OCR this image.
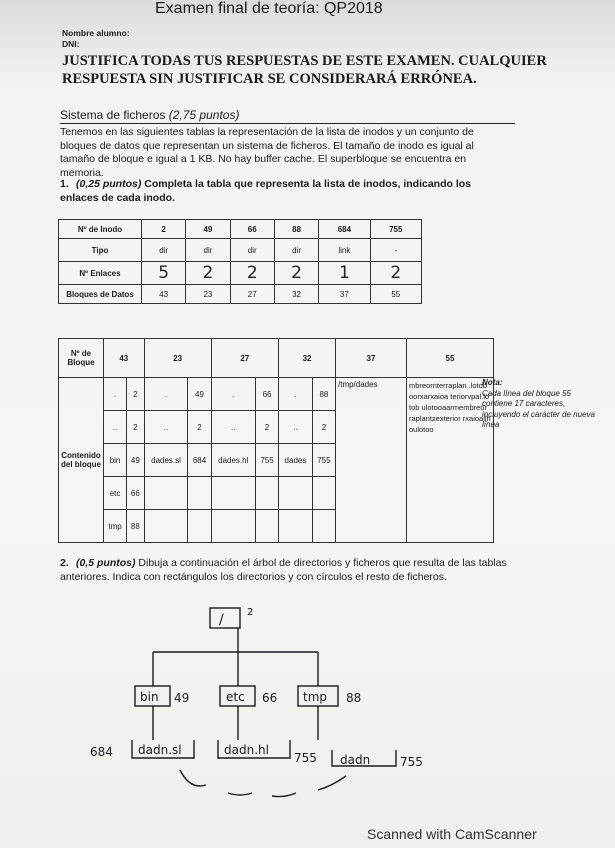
Examen final de teoría: QP2018
Nombre alumno:
DNI:
JUSTIFICA TODAS TUS RESPUESTAS DE ESTE EXAMEN. CUALQUIER RESPUESTA SIN JUSTIFICAR SE CONSIDERARÁ ERRÓNEA.
Sistema de ficheros (2,75 puntos)
Tenemos en las siguientes tablas la representación de la lista de inodos y un conjunto de bloques de datos que representan un sistema de ficheros. El tamaño de inodo es igual al tamaño de bloque e igual a 1 KB. No hay buffer cache. El superbloque se encuentra en memoria.
1. (0,25 puntos) Completa la tabla que representa la lista de inodos, indicando los enlaces de cada inodo.
Nº de Inodo	2	49	66	88	684	755
Tipo	dir	dir	dir	dir	link	-
Nº Enlaces	5	2	2	2	1	2
Bloques de Datos	43	23	27	32	37	55
Nº de Bloque	43		23		27		32		37	55
Contenido del bloque	.	2	.	49	.	66	.	88	/tmp/dades	mbreornterraplan .lotoboorxarxaioa teriorvpal.lotob ulotooaarmembreor raplantzexterior rxaioailhoulotoo
	..	2	..	2	..	2	..	2		
	bin	49	dades.sl	684	dades.hl	755	dades	755		
	etc	66								
	tmp	88								
Nota:
Cada línea del bloque 55 contiene 17 caracteres, incluyendo el carácter de nueva línea
2. (0,5 puntos) Dibuja a continuación el árbol de directorios y ficheros que resulta de las tablas anteriores. Indica con rectángulos los directorios y con círculos el resto de ficheros.
/ 2
bin 49	etc 66 tmp 88
dadn.sl
684	dadn.hl
755 dadn 755
Scanned with CamScanner
